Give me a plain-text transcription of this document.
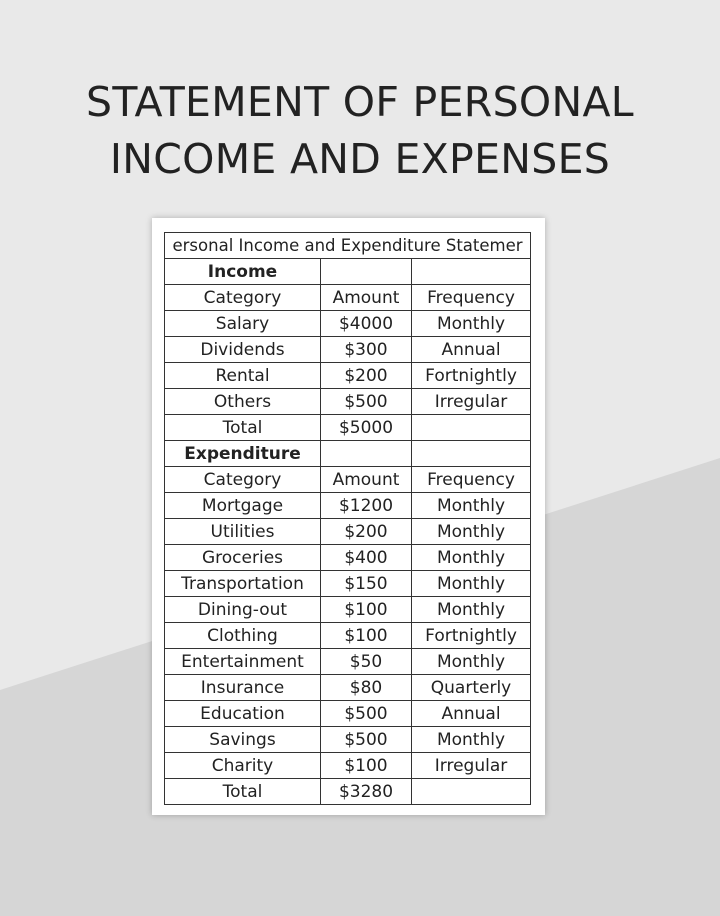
STATEMENT OF PERSONAL
INCOME AND EXPENSES
ersonal Income and Expenditure Statemer		
Income		
Category	Amount	Frequency
Salary	$4000	Monthly
Dividends	$300	Annual
Rental	$200	Fortnightly
Others	$500	Irregular
Total	$5000	
Expenditure		
Category	Amount	Frequency
Mortgage	$1200	Monthly
Utilities	$200	Monthly
Groceries	$400	Monthly
Transportation	$150	Monthly
Dining-out	$100	Monthly
Clothing	$100	Fortnightly
Entertainment	$50	Monthly
Insurance	$80	Quarterly
Education	$500	Annual
Savings	$500	Monthly
Charity	$100	Irregular
Total	$3280	
